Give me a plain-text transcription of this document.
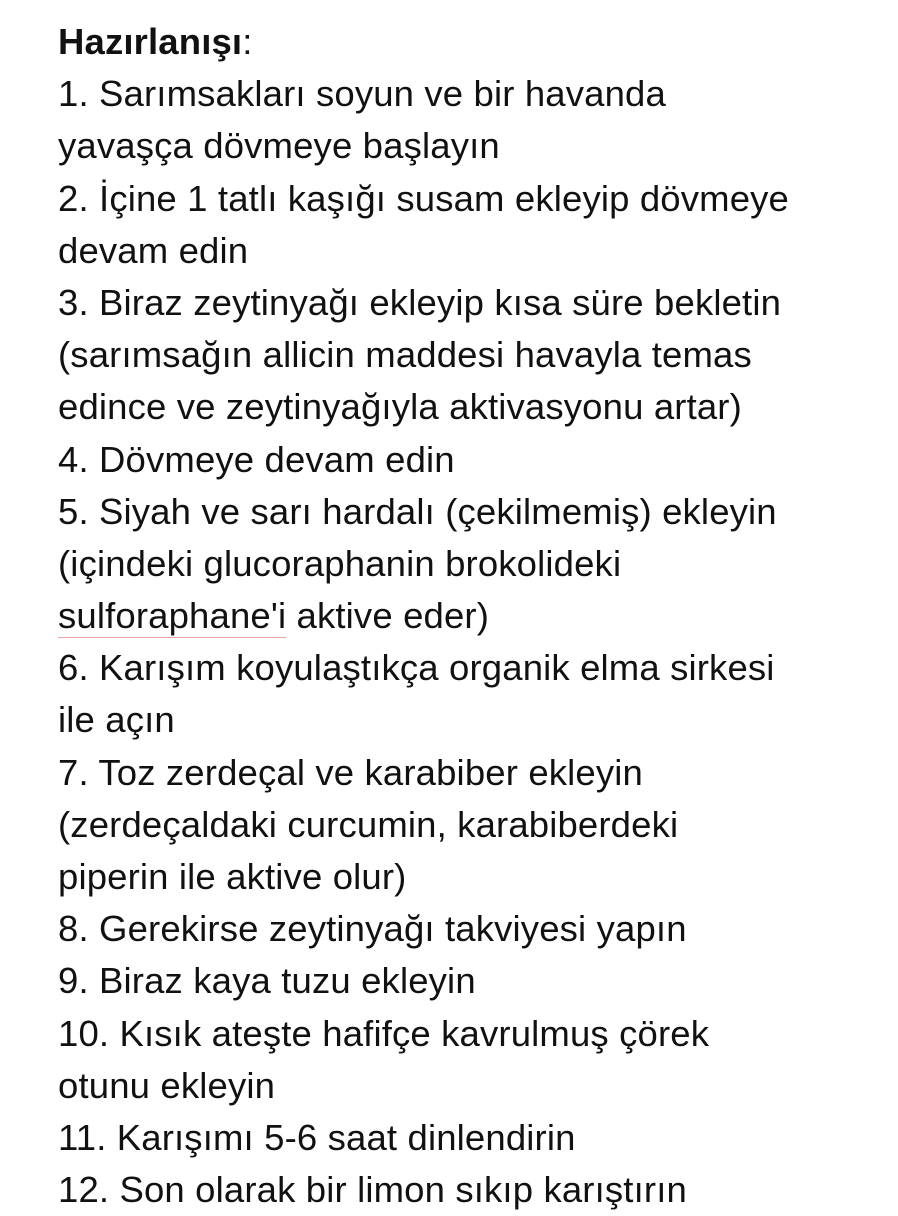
Hazırlanışı:
1. Sarımsakları soyun ve bir havanda
yavaşça dövmeye başlayın
2. İçine 1 tatlı kaşığı susam ekleyip dövmeye
devam edin
3. Biraz zeytinyağı ekleyip kısa süre bekletin
(sarımsağın allicin maddesi havayla temas
edince ve zeytinyağıyla aktivasyonu artar)
4. Dövmeye devam edin
5. Siyah ve sarı hardalı (çekilmemiş) ekleyin
(içindeki glucoraphanin brokolideki
sulforaphane'i aktive eder)
6. Karışım koyulaştıkça organik elma sirkesi
ile açın
7. Toz zerdeçal ve karabiber ekleyin
(zerdeçaldaki curcumin, karabiberdeki
piperin ile aktive olur)
8. Gerekirse zeytinyağı takviyesi yapın
9. Biraz kaya tuzu ekleyin
10. Kısık ateşte hafifçe kavrulmuş çörek
otunu ekleyin
11. Karışımı 5-6 saat dinlendirin
12. Son olarak bir limon sıkıp karıştırın
